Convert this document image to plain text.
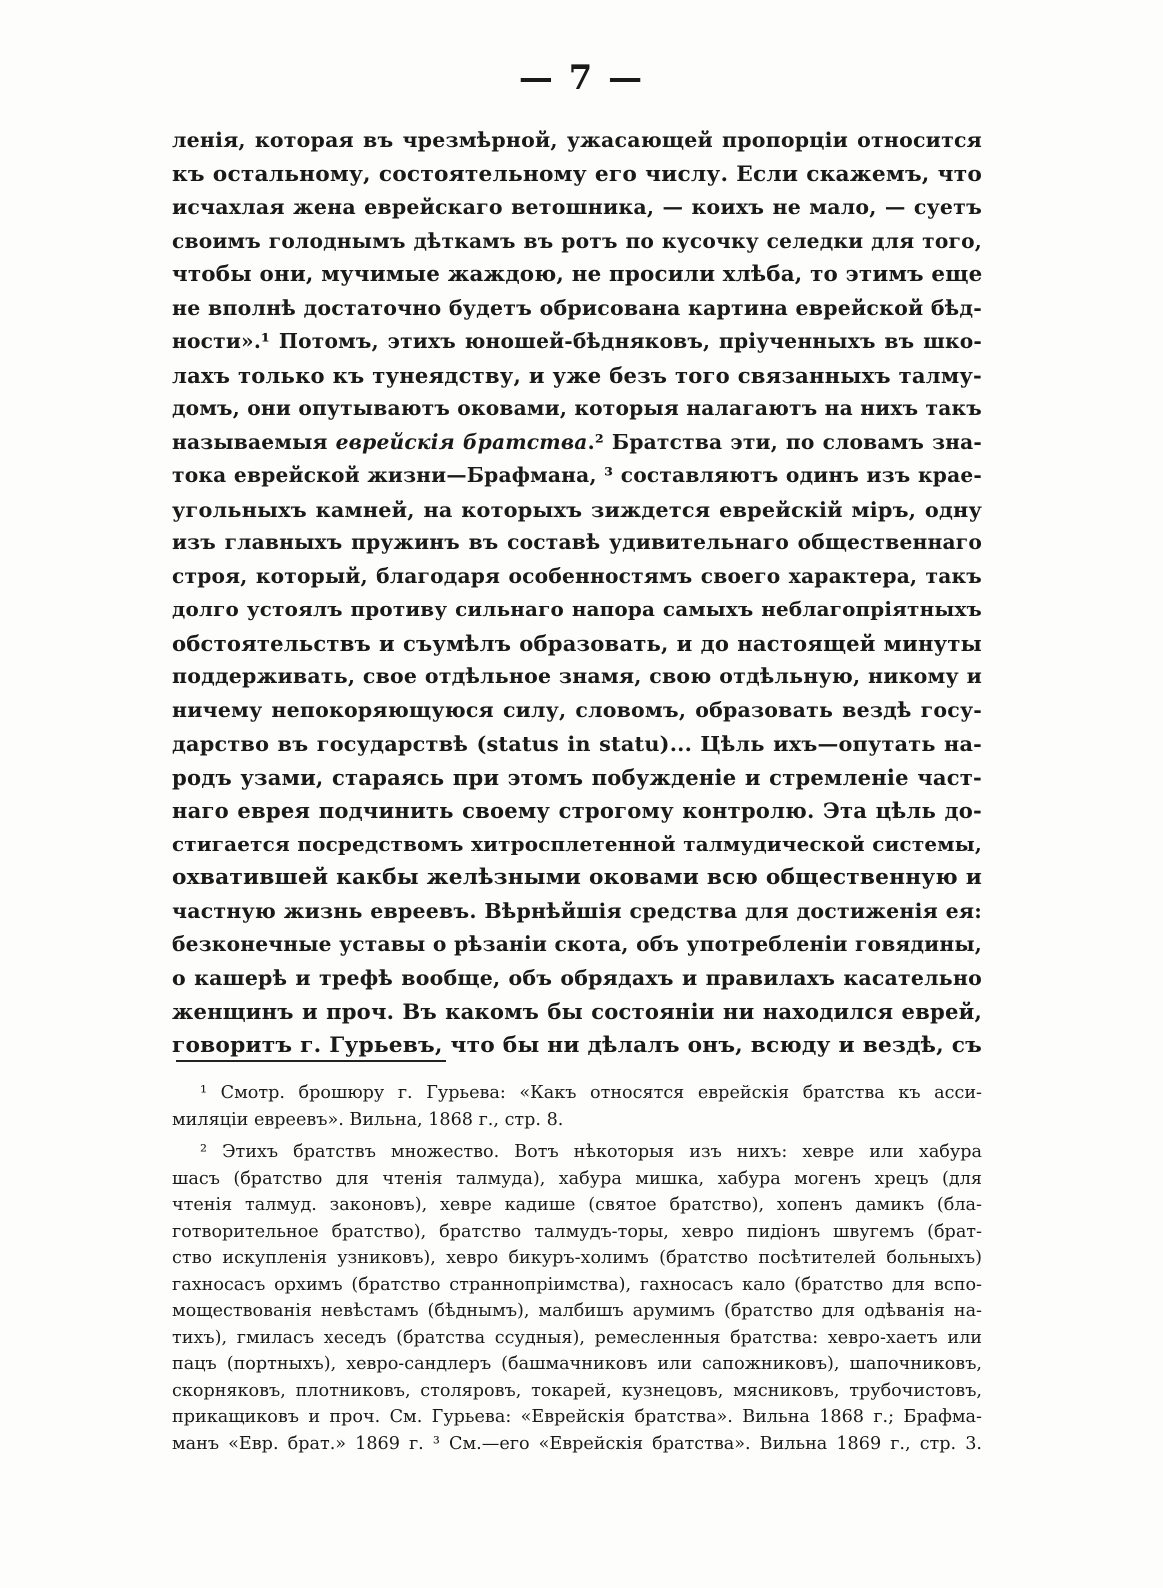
— 7 —
ленія, которая въ чрезмѣрной, ужасающей пропорціи относится
къ остальному, состоятельному его числу. Если скажемъ, что
исчахлая жена еврейскаго ветошника, — коихъ не мало, — суетъ
своимъ голоднымъ дѣткамъ въ ротъ по кусочку селедки для того,
чтобы они, мучимые жаждою, не просили хлѣба, то этимъ еще
не вполнѣ достаточно будетъ обрисована картина еврейской бѣд-
ности».¹ Потомъ, этихъ юношей-бѣдняковъ, пріученныхъ въ шко-
лахъ только къ тунеядству, и уже безъ того связанныхъ талму-
домъ, они опутываютъ оковами, которыя налагаютъ на нихъ такъ
называемыя еврейскія братства.² Братства эти, по словамъ зна-
тока еврейской жизни—Брафмана, ³ составляютъ одинъ изъ крае-
угольныхъ камней, на которыхъ зиждется еврейскій міръ, одну
изъ главныхъ пружинъ въ составѣ удивительнаго общественнаго
строя, который, благодаря особенностямъ своего характера, такъ
долго устоялъ противу сильнаго напора самыхъ неблагопріятныхъ
обстоятельствъ и съумѣлъ образовать, и до настоящей минуты
поддерживать, свое отдѣльное знамя, свою отдѣльную, никому и
ничему непокоряющуюся силу, словомъ, образовать вездѣ госу-
дарство въ государствѣ (status in statu)... Цѣль ихъ—опутать на-
родъ узами, стараясь при этомъ побужденіе и стремленіе част-
наго еврея подчинить своему строгому контролю. Эта цѣль до-
стигается посредствомъ хитросплетенной талмудической системы,
охватившей какбы желѣзными оковами всю общественную и
частную жизнь евреевъ. Вѣрнѣйшія средства для достиженія ея:
безконечные уставы о рѣзаніи скота, объ употребленіи говядины,
о кашерѣ и трефѣ вообще, объ обрядахъ и правилахъ касательно
женщинъ и проч. Въ какомъ бы состояніи ни находился еврей,
говоритъ г. Гурьевъ, что бы ни дѣлалъ онъ, всюду и вездѣ, съ
¹ Смотр. брошюру г. Гурьева: «Какъ относятся еврейскія братства къ асси-
миляціи евреевъ». Вильна, 1868 г., стр. 8.
² Этихъ братствъ множество. Вотъ нѣкоторыя изъ нихъ: хевре или хабура
шасъ (братство для чтенія талмуда), хабура мишка, хабура могенъ хрецъ (для
чтенія талмуд. законовъ), хевре кадише (святое братство), хопенъ дамикъ (бла-
готворительное братство), братство талмудъ-торы, хевро пидіонъ швугемъ (брат-
ство искупленія узниковъ), хевро бикуръ-холимъ (братство посѣтителей больныхъ)
гахносасъ орхимъ (братство страннопріимства), гахносасъ кало (братство для вспо-
моществованія невѣстамъ (бѣднымъ), малбишъ арумимъ (братство для одѣванія на-
тихъ), гмиласъ хеседъ (братства ссудныя), ремесленныя братства: хевро-хаетъ или
пацъ (портныхъ), хевро-сандлеръ (башмачниковъ или сапожниковъ), шапочниковъ,
скорняковъ, плотниковъ, столяровъ, токарей, кузнецовъ, мясниковъ, трубочистовъ,
прикащиковъ и проч. См. Гурьева: «Еврейскія братства». Вильна 1868 г.; Брафма-
манъ «Евр. брат.» 1869 г. ³ См.—его «Еврейскія братства». Вильна 1869 г., стр. 3.
